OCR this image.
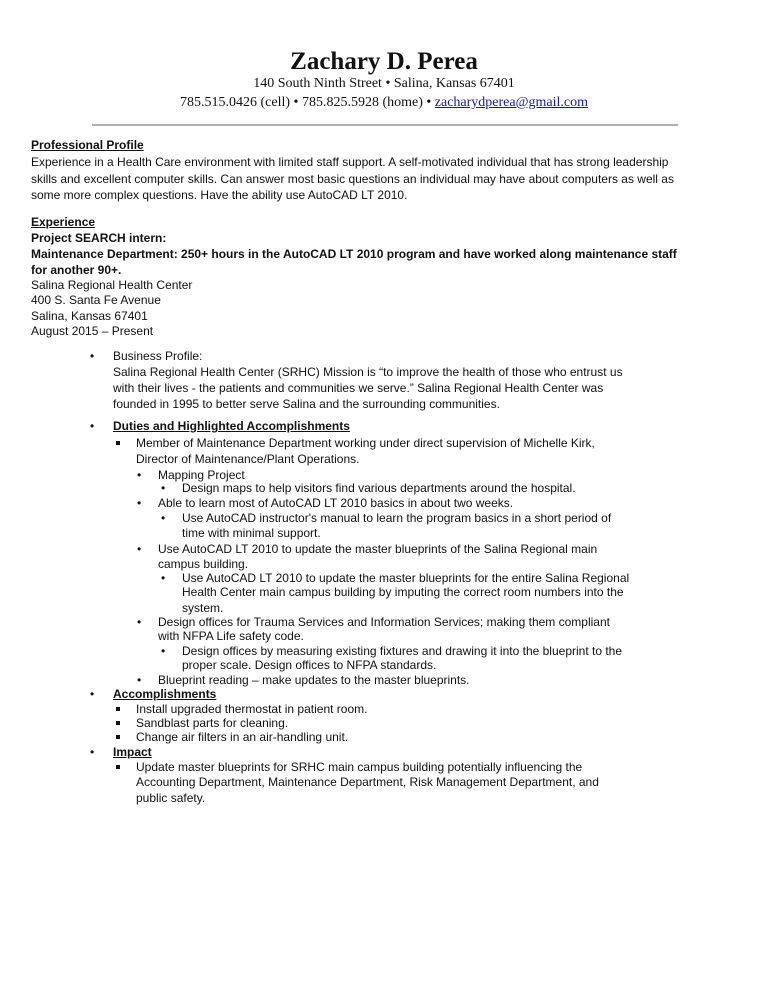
Zachary D. Perea
140 South Ninth Street • Salina, Kansas 67401
785.515.0426 (cell) • 785.825.5928 (home) • zacharydperea@gmail.com
Professional Profile
Experience in a Health Care environment with limited staff support. A self-motivated individual that has strong leadership
skills and excellent computer skills. Can answer most basic questions an individual may have about computers as well as
some more complex questions. Have the ability use AutoCAD LT 2010.
Experience
Project SEARCH intern:
Maintenance Department: 250+ hours in the AutoCAD LT 2010 program and have worked along maintenance staff
for another 90+.
Salina Regional Health Center
400 S. Santa Fe Avenue
Salina, Kansas 67401
August 2015 – Present
• Business Profile:
Salina Regional Health Center (SRHC) Mission is “to improve the health of those who entrust us
with their lives - the patients and communities we serve.” Salina Regional Health Center was
founded in 1995 to better serve Salina and the surrounding communities.
• Duties and Highlighted Accomplishments
Member of Maintenance Department working under direct supervision of Michelle Kirk,
Director of Maintenance/Plant Operations.
• Mapping Project
• Design maps to help visitors find various departments around the hospital.
• Able to learn most of AutoCAD LT 2010 basics in about two weeks.
• Use AutoCAD instructor's manual to learn the program basics in a short period of
time with minimal support.
• Use AutoCAD LT 2010 to update the master blueprints of the Salina Regional main
campus building.
• Use AutoCAD LT 2010 to update the master blueprints for the entire Salina Regional
Health Center main campus building by imputing the correct room numbers into the
system.
• Design offices for Trauma Services and Information Services; making them compliant
with NFPA Life safety code.
• Design offices by measuring existing fixtures and drawing it into the blueprint to the
proper scale. Design offices to NFPA standards.
• Blueprint reading – make updates to the master blueprints.
• Accomplishments
Install upgraded thermostat in patient room.
Sandblast parts for cleaning.
Change air filters in an air-handling unit.
• Impact
Update master blueprints for SRHC main campus building potentially influencing the
Accounting Department, Maintenance Department, Risk Management Department, and
public safety.
